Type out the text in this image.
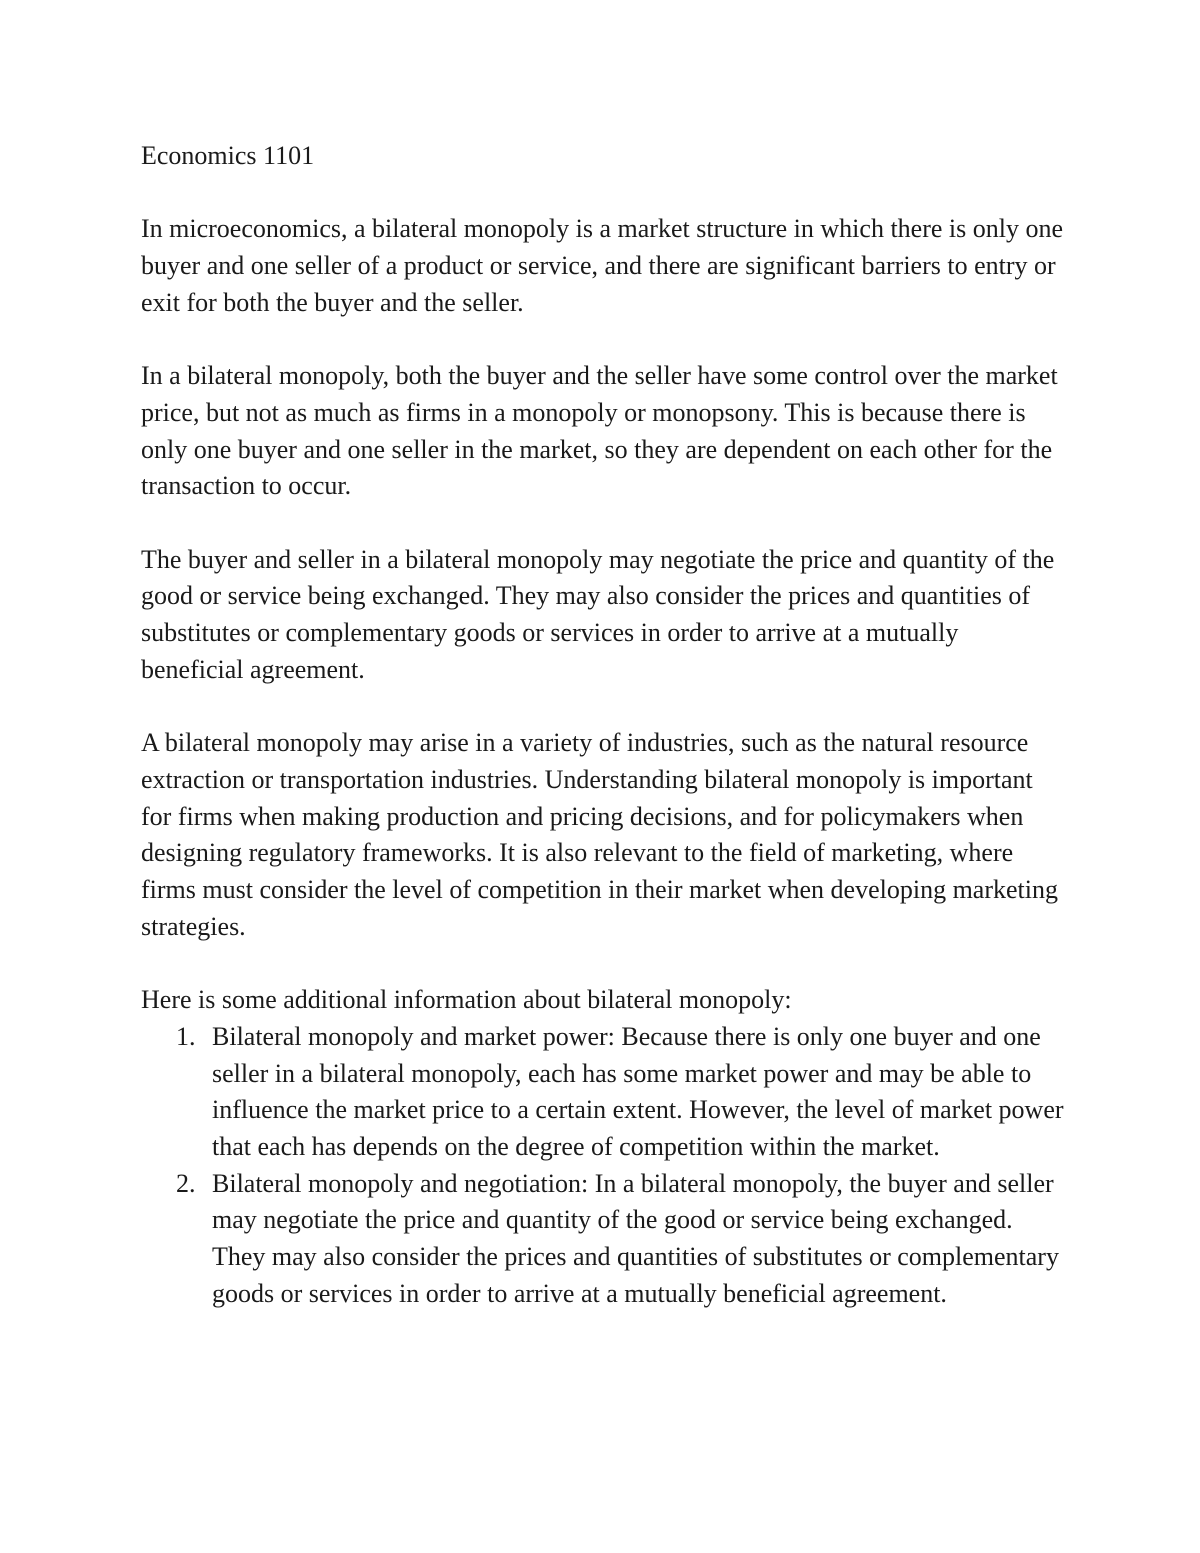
Economics 1101

In microeconomics, a bilateral monopoly is a market structure in which there is only one buyer and one seller of a product or service, and there are significant barriers to entry or exit for both the buyer and the seller.

In a bilateral monopoly, both the buyer and the seller have some control over the market price, but not as much as firms in a monopoly or monopsony. This is because there is only one buyer and one seller in the market, so they are dependent on each other for the transaction to occur.

The buyer and seller in a bilateral monopoly may negotiate the price and quantity of the good or service being exchanged. They may also consider the prices and quantities of substitutes or complementary goods or services in order to arrive at a mutually beneficial agreement.

A bilateral monopoly may arise in a variety of industries, such as the natural resource extraction or transportation industries. Understanding bilateral monopoly is important for firms when making production and pricing decisions, and for policymakers when designing regulatory frameworks. It is also relevant to the field of marketing, where firms must consider the level of competition in their market when developing marketing strategies.

Here is some additional information about bilateral monopoly:

1. Bilateral monopoly and market power: Because there is only one buyer and one seller in a bilateral monopoly, each has some market power and may be able to influence the market price to a certain extent. However, the level of market power that each has depends on the degree of competition within the market.
2. Bilateral monopoly and negotiation: In a bilateral monopoly, the buyer and seller may negotiate the price and quantity of the good or service being exchanged. They may also consider the prices and quantities of substitutes or complementary goods or services in order to arrive at a mutually beneficial agreement.
